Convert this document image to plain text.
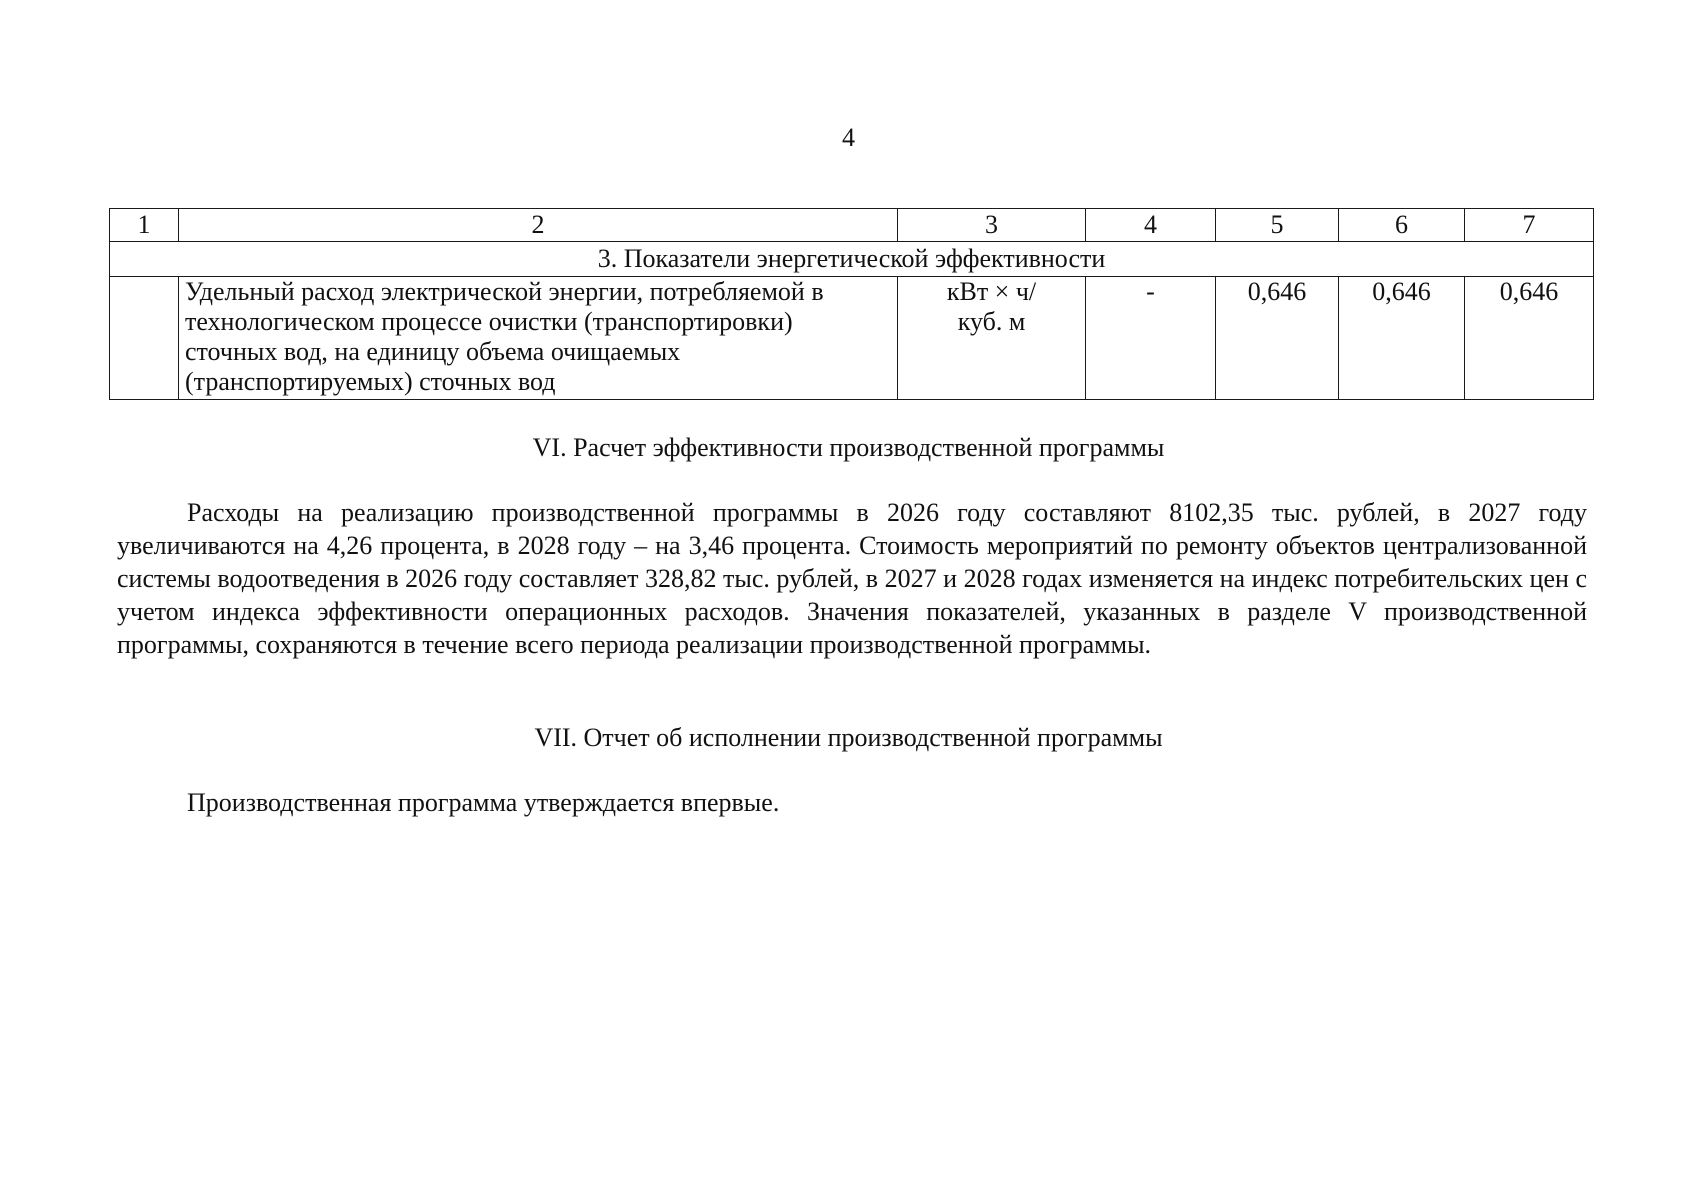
4
1	2	3	4	5	6	7
3. Показатели энергетической эффективности						
	Удельный расход электрической энергии, потребляемой в технологическом процессе очистки (транспортировки) сточных вод, на единицу объема очищаемых (транспортируемых) сточных вод	кВт × ч/
куб. м	-	0,646	0,646	0,646
VI. Расчет эффективности производственной программы

Расходы на реализацию производственной программы в 2026 году составляют 8102,35 тыс. рублей, в 2027 году увеличиваются на 4,26 процента, в 2028 году – на 3,46 процента. Стоимость мероприятий по ремонту объектов централизованной системы водоотведения в 2026 году составляет 328,82 тыс. рублей, в 2027 и 2028 годах изменяется на индекс потребительских цен с учетом индекса эффективности операционных расходов. Значения показателей, указанных в разделе V производственной программы, сохраняются в течение всего периода реализации производственной программы.

VII. Отчет об исполнении производственной программы

Производственная программа утверждается впервые.
